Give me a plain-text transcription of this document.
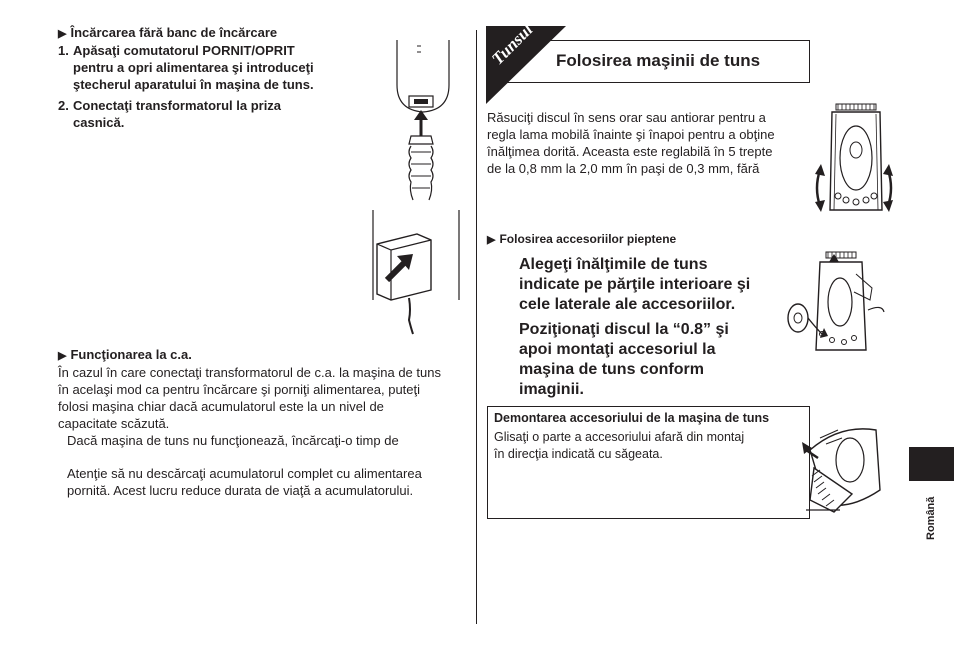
▶ Încărcarea fără banc de încărcare
1. Apăsaţi comutatorul PORNIT/OPRIT
pentru a opri alimentarea şi introduceţi
ştecherul aparatului în maşina de tuns.
2. Conectaţi transformatorul la priza
casnică.
▶ Funcţionarea la c.a.
În cazul în care conectaţi transformatorul de c.a. la maşina de tuns
în acelaşi mod ca pentru încărcare şi porniţi alimentarea, puteţi
folosi maşina chiar dacă acumulatorul este la un nivel de
capacitate scăzută.
Dacă maşina de tuns nu funcţionează, încărcaţi-o timp de
Atenţie să nu descărcaţi acumulatorul complet cu alimentarea
pornită. Acest lucru reduce durata de viaţă a acumulatorului.
Tunsul Folosirea maşinii de tuns
Răsuciţi discul în sens orar sau antiorar pentru a
regla lama mobilă înainte şi înapoi pentru a obţine
înălţimea dorită. Aceasta este reglabilă în 5 trepte
de la 0,8 mm la 2,0 mm în paşi de 0,3 mm, fără
▶ Folosirea accesoriilor pieptene
Alegeţi înălţimile de tuns
indicate pe părţile interioare şi
cele laterale ale accesoriilor.
Poziţionaţi discul la “0.8” şi
apoi montaţi accesoriul la
maşina de tuns conform
imaginii.
Demontarea accesoriului de la maşina de tuns
Glisaţi o parte a accesoriului afară din montaj
în direcţia indicată cu săgeata.
Română
